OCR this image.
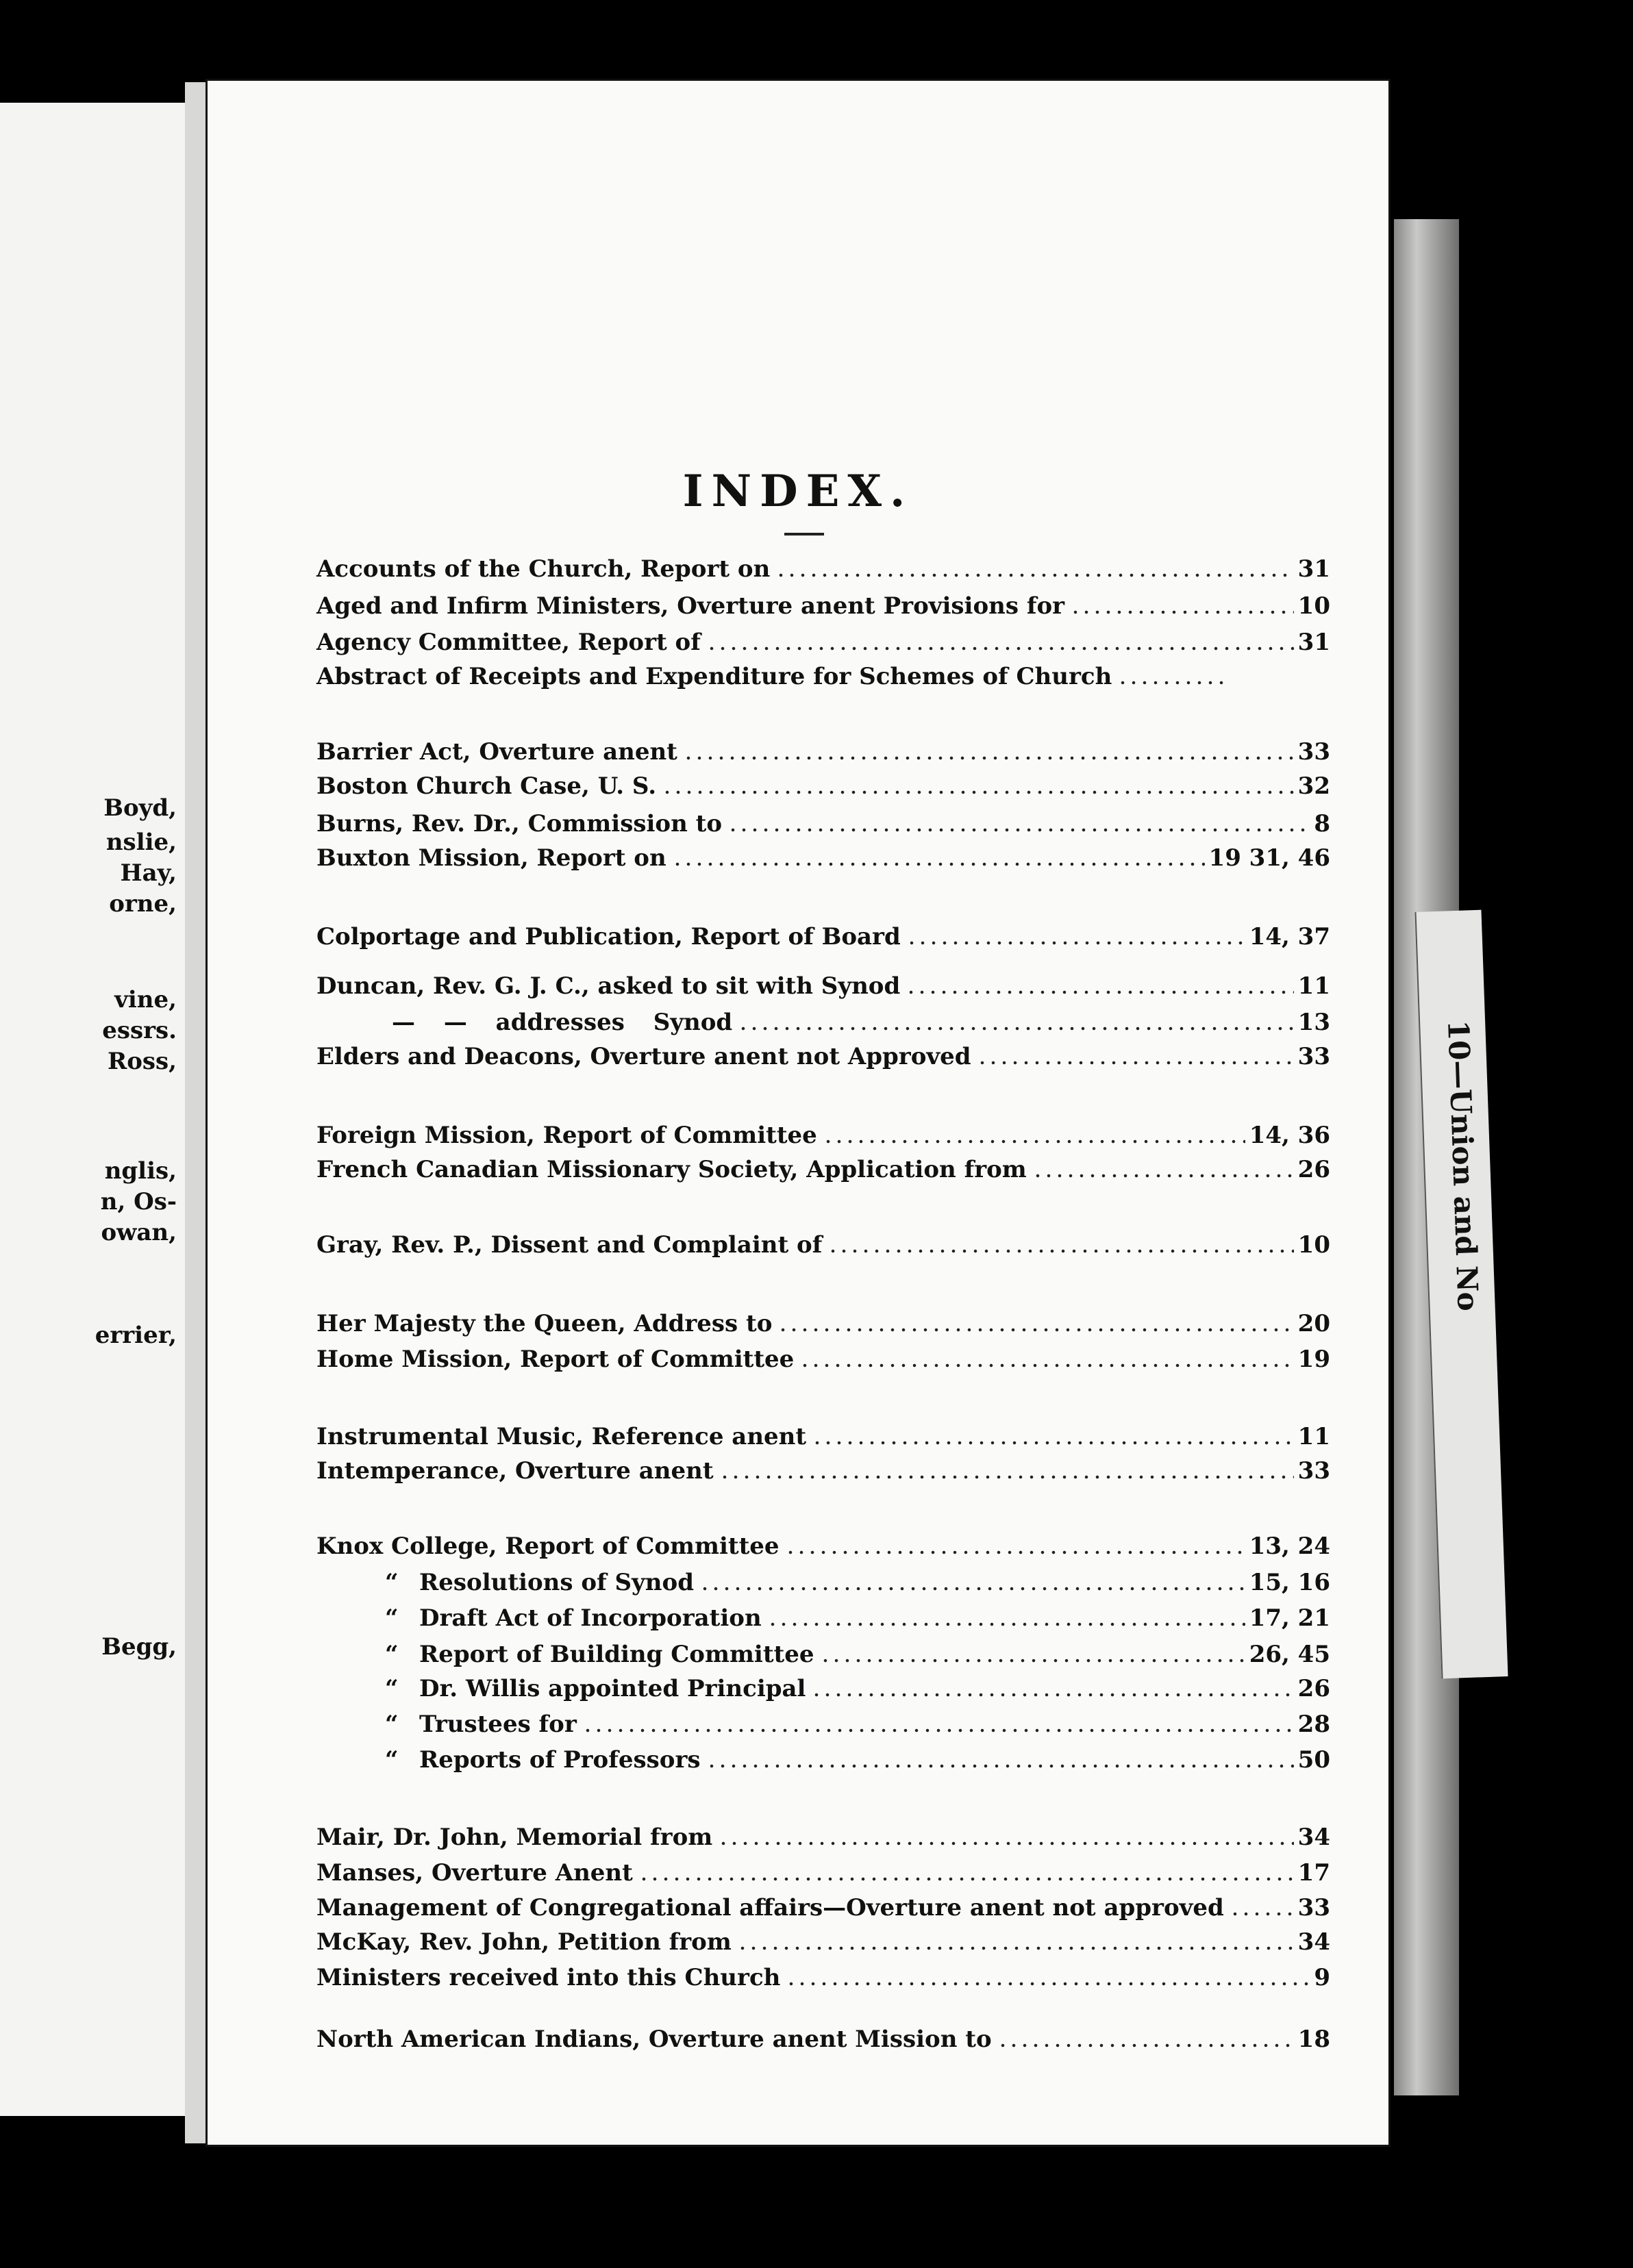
Boyd,
nslie,
Hay,
orne,
vine,
essrs.
Ross,
nglis,
n, Os-
owan,
errier,
Begg,
10—Union and No
INDEX.
Accounts of the Church, Report on	31
Aged and Infirm Ministers, Overture anent Provisions for	10
Agency Committee, Report of	31
Abstract of Receipts and Expenditure for Schemes of Church
Barrier Act, Overture anent	33
Boston Church Case, U. S.	32
Burns, Rev. Dr., Commission to	8
Buxton Mission, Report on	19 31, 46
Colportage and Publication, Report of Board	14, 37
Duncan, Rev. G. J. C., asked to sit with Synod	11
— — addresses Synod	13
Elders and Deacons, Overture anent not Approved	33
Foreign Mission, Report of Committee	14, 36
French Canadian Missionary Society, Application from	26
Gray, Rev. P., Dissent and Complaint of	10
Her Majesty the Queen, Address to	20
Home Mission, Report of Committee	19
Instrumental Music, Reference anent	11
Intemperance, Overture anent	33
Knox College, Report of Committee	13, 24
“ Resolutions of Synod	15, 16
“ Draft Act of Incorporation	17, 21
“ Report of Building Committee	26, 45
“ Dr. Willis appointed Principal	26
“ Trustees for	28
“ Reports of Professors	50
Mair, Dr. John, Memorial from	34
Manses, Overture Anent	17
Management of Congregational affairs—Overture anent not approved	33
McKay, Rev. John, Petition from	34
Ministers received into this Church	9
North American Indians, Overture anent Mission to	18
